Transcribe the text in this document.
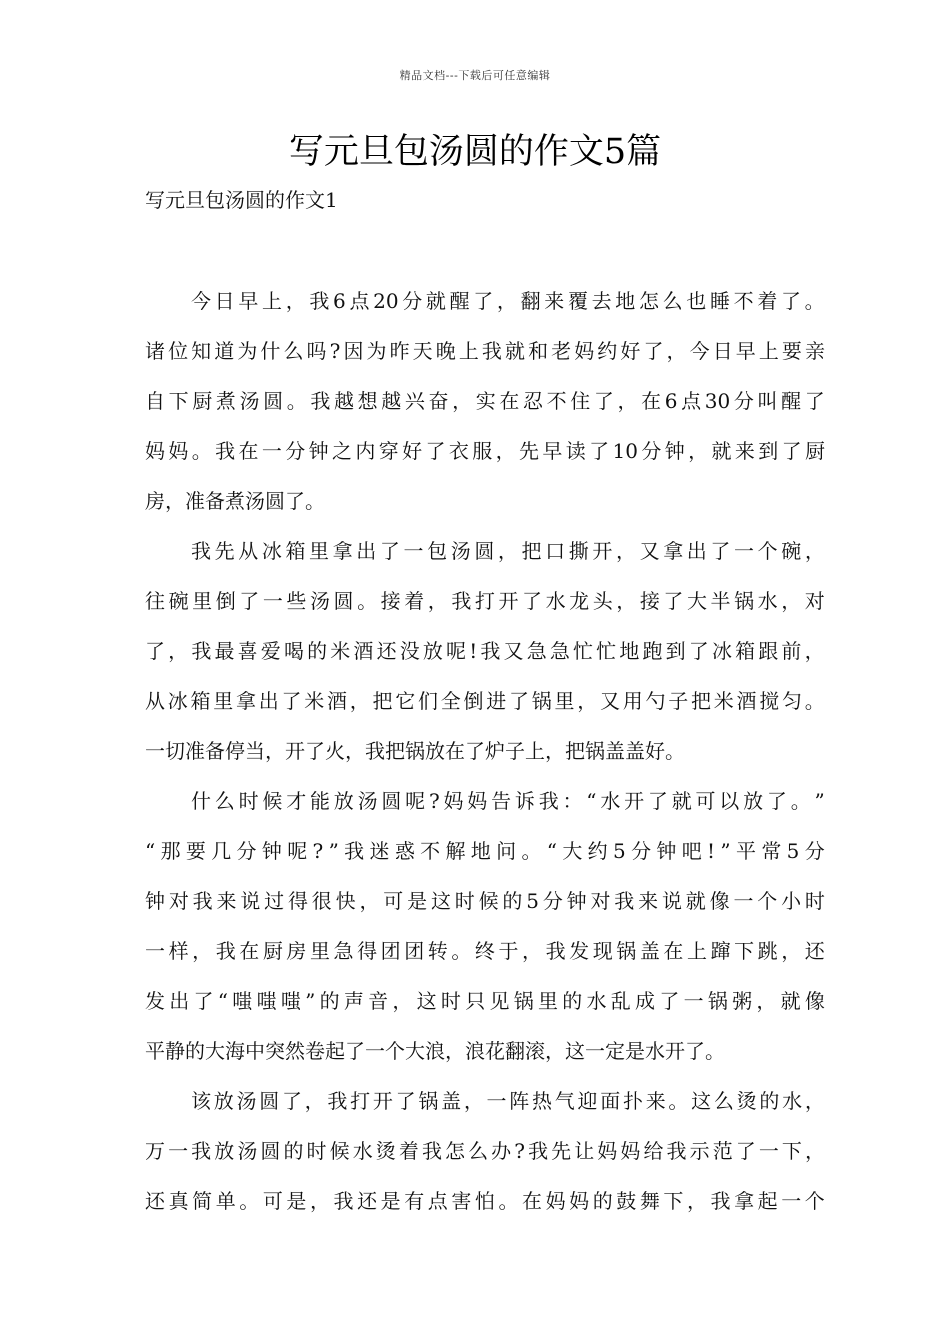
精品文档---下载后可任意编辑
写元旦包汤圆的作文5篇
写元旦包汤圆的作文1
今 日 早 上 ， 我 6 点 20 分 就 醒 了 ， 翻 来 覆 去 地 怎 么 也 睡 不 着 了 。
诸 位 知 道 为 什 么 吗 ? 因 为 昨 天 晚 上 我 就 和 老 妈 约 好 了 ， 今 日 早 上 要 亲
自 下 厨 煮 汤 圆 。 我 越 想 越 兴 奋 ， 实 在 忍 不 住 了 ， 在 6 点 30 分 叫 醒 了
妈 妈 。 我 在 一 分 钟 之 内 穿 好 了 衣 服 ， 先 早 读 了 10 分 钟 ， 就 来 到 了 厨
房 ， 准 备 煮 汤 圆 了 。
我 先 从 冰 箱 里 拿 出 了 一 包 汤 圆 ， 把 口 撕 开 ， 又 拿 出 了 一 个 碗 ，
往 碗 里 倒 了 一 些 汤 圆 。 接 着 ， 我 打 开 了 水 龙 头 ， 接 了 大 半 锅 水 ， 对
了 ， 我 最 喜 爱 喝 的 米 酒 还 没 放 呢 ! 我 又 急 急 忙 忙 地 跑 到 了 冰 箱 跟 前 ，
从 冰 箱 里 拿 出 了 米 酒 ， 把 它 们 全 倒 进 了 锅 里 ， 又 用 勺 子 把 米 酒 搅 匀 。
一 切 准 备 停 当 ， 开 了 火 ， 我 把 锅 放 在 了 炉 子 上 ， 把 锅 盖 盖 好 。
什 么 时 候 才 能 放 汤 圆 呢 ? 妈 妈 告 诉 我 ： “ 水 开 了 就 可 以 放 了 。 ”
“ 那 要 几 分 钟 呢 ? ” 我 迷 惑 不 解 地 问 。 “ 大 约 5 分 钟 吧 ! ” 平 常 5 分
钟 对 我 来 说 过 得 很 快 ， 可 是 这 时 候 的 5 分 钟 对 我 来 说 就 像 一 个 小 时
一 样 ， 我 在 厨 房 里 急 得 团 团 转 。 终 于 ， 我 发 现 锅 盖 在 上 蹿 下 跳 ， 还
发 出 了 “ 嗤 嗤 嗤 ” 的 声 音 ， 这 时 只 见 锅 里 的 水 乱 成 了 一 锅 粥 ， 就 像
平 静 的 大 海 中 突 然 卷 起 了 一 个 大 浪 ， 浪 花 翻 滚 ， 这 一 定 是 水 开 了 。
该 放 汤 圆 了 ， 我 打 开 了 锅 盖 ， 一 阵 热 气 迎 面 扑 来 。 这 么 烫 的 水 ，
万 一 我 放 汤 圆 的 时 候 水 烫 着 我 怎 么 办 ? 我 先 让 妈 妈 给 我 示 范 了 一 下 ，
还 真 简 单 。 可 是 ， 我 还 是 有 点 害 怕 。 在 妈 妈 的 鼓 舞 下 ， 我 拿 起 一 个
